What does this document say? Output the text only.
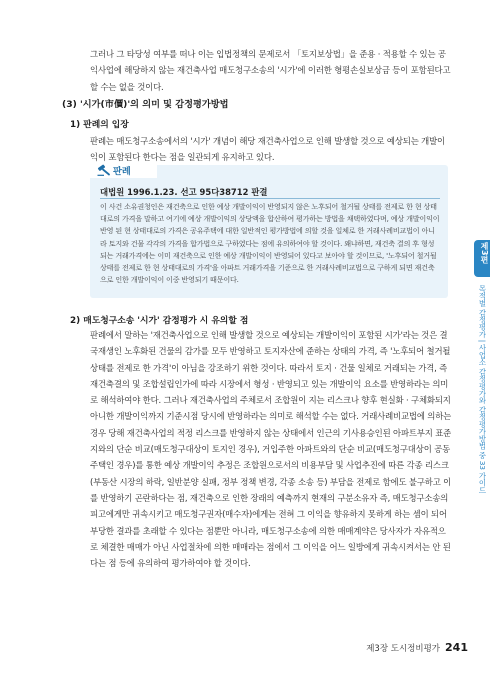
그러나 그 타당성 여부를 떠나 이는 입법정책의 문제로서 「토지보상법」을 준용 · 적용할 수 있는 공익사업에 해당하지 않는 재건축사업 매도청구소송의 '시가'에 이러한 형평손실보상금 등이 포함된다고 할 수는 없을 것이다.
(3) '시가(市價)'의 의미 및 감정평가방법
1) 판례의 입장
판례는 매도청구소송에서의 '시가' 개념이 해당 재건축사업으로 인해 발생할 것으로 예상되는 개발이익이 포함된다 한다는 점을 일관되게 유지하고 있다.
판례
대법원 1996.1.23. 선고 95다38712 판결
이 사건 소유권청인은 재건축으로 인한 예상 개발이익이 반영되지 않은 노후되어 철거될 상태를 전제로 한 현 상태대로의 가격을 말하고 여기에 예상 개발이익의 상당액을 합산하여 평가하는 방법을 채택하였다며, 예상 개발이익이 반영 된 현 상태대로의 가격은 공유주택에 대한 일반적인 평가방법에 의할 것을 일체로 한 거래사례비교법이 아니라 토지와 건물 각각의 가격을 합가법으로 구하였다는 점에 유의하여야 할 것이다. 왜냐하면, 재건축 결의 후 형성되는 거래가격에는 이미 재건축으로 인한 예상 개발이익이 반영되어 있다고 보아야 할 것이므로, '노후되어 철거될 상태를 전제로 한 현 상태대로의 가격'을 아파트 거래가격을 기준으로 한 거래사례비교법으로 구하게 되면 재건축으로 인한 개발이익이 이중 반영되기 때문이다.
2) 매도청구소송 '시가' 감정평가 시 유의할 점
판례에서 말하는 '재건축사업으로 인해 발생할 것으로 예상되는 개발이익이 포함된 시가'라는 것은 결국재생인 노후화된 건물의 감가를 모두 반영하고 토지자산에 준하는 상태의 가격, 즉 '노후되어 철거될 상태를 전제로 한 가격'이 아님을 강조하기 위한 것이다. 따라서 토지 · 건물 일체로 거래되는 가격, 즉 재건축결의 및 조합설립인가에 따라 시장에서 형성 · 반영되고 있는 개발이익 요소를 반영하라는 의미로 해석하여야 한다. 그러나 재건축사업의 주체로서 조합원이 지는 리스크나 향후 현실화 · 구체화되지 아니한 개발이익까지 기준시점 당시에 반영하라는 의미로 해석할 수는 없다. 거래사례비교법에 의하는 경우 당해 재건축사업의 적정 리스크를 반영하지 않는 상태에서 인근의 기사용승인된 아파트부지 표준지와의 단순 비교(매도청구대상이 토지인 경우), 거입주한 아파트와의 단순 비교(매도청구대상이 공동주택인 경우)를 통한 예상 개발이익 추정은 조합원으로서의 비용부담 및 사업추진에 따른 각종 리스크(부동산 시장의 하락, 일반분양 실패, 정부 정책 변경, 각종 소송 등) 부담을 전제로 함에도 불구하고 이를 반영하기 곤란하다는 점, 재건축으로 인한 장래의 예측까지 현재의 구분소유자 즉, 매도청구소송의 피고에게만 귀속시키고 매도청구권자(매수자)에게는 전혀 그 이익을 향유하지 못하게 하는 셈이 되어 부당한 결과를 초래할 수 있다는 점뿐만 아니라, 매도청구소송에 의한 매매계약은 당사자가 자유적으로 체결한 매매가 아닌 사업절차에 의한 매매라는 점에서 그 이익을 어느 일방에게 귀속시켜서는 안 된다는 점 등에 유의하여 평가하여야 할 것이다.
제3편
목적별 감정평가 | 사업소 감정평가와 감정평가방법 중 33 가이드
제3장 도시정비평가 241
